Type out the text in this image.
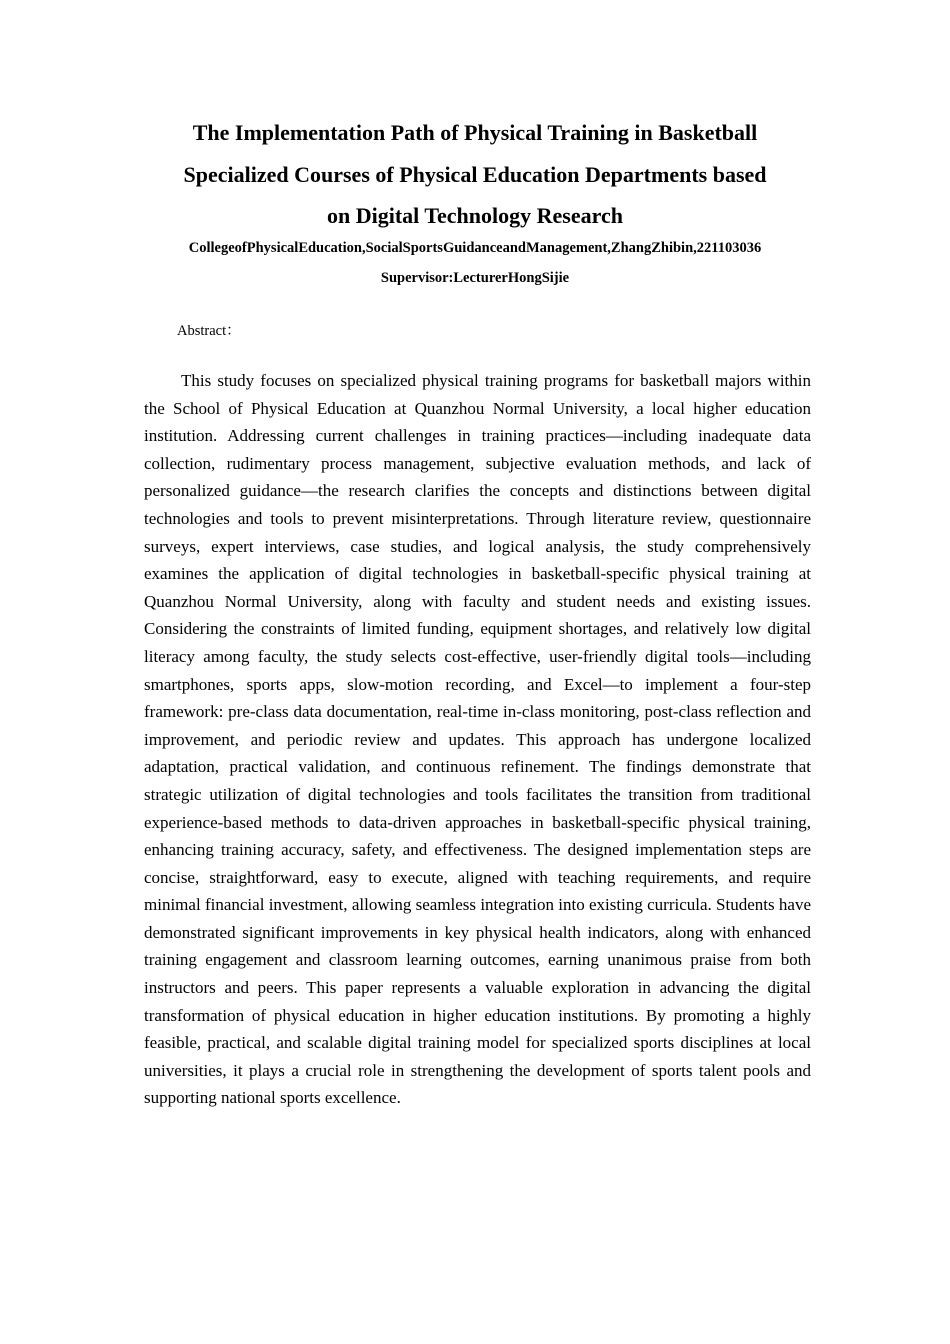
The Implementation Path of Physical Training in Basketball
Specialized Courses of Physical Education Departments based
on Digital Technology Research
CollegeofPhysicalEducation,SocialSportsGuidanceandManagement,ZhangZhibin,221103036
Supervisor:LecturerHongSijie
Abstract：

This study focuses on specialized physical training programs for basketball majors within the School of Physical Education at Quanzhou Normal University, a local higher education institution. Addressing current challenges in training practices—including inadequate data collection, rudimentary process management, subjective evaluation methods, and lack of personalized guidance—the research clarifies the concepts and distinctions between digital technologies and tools to prevent misinterpretations. Through literature review, questionnaire surveys, expert interviews, case studies, and logical analysis, the study comprehensively examines the application of digital technologies in basketball-specific physical training at Quanzhou Normal University, along with faculty and student needs and existing issues. Considering the constraints of limited funding, equipment shortages, and relatively low digital literacy among faculty, the study selects cost-effective, user-friendly digital tools—including smartphones, sports apps, slow-motion recording, and Excel—to implement a four-step framework: pre-class data documentation, real-time in-class monitoring, post-class reflection and improvement, and periodic review and updates. This approach has undergone localized adaptation, practical validation, and continuous refinement. The findings demonstrate that strategic utilization of digital technologies and tools facilitates the transition from traditional experience-based methods to data-driven approaches in basketball-specific physical training, enhancing training accuracy, safety, and effectiveness. The designed implementation steps are concise, straightforward, easy to execute, aligned with teaching requirements, and require minimal financial investment, allowing seamless integration into existing curricula. Students have demonstrated significant improvements in key physical health indicators, along with enhanced training engagement and classroom learning outcomes, earning unanimous praise from both instructors and peers. This paper represents a valuable exploration in advancing the digital transformation of physical education in higher education institutions. By promoting a highly feasible, practical, and scalable digital training model for specialized sports disciplines at local universities, it plays a crucial role in strengthening the development of sports talent pools and supporting national sports excellence.
